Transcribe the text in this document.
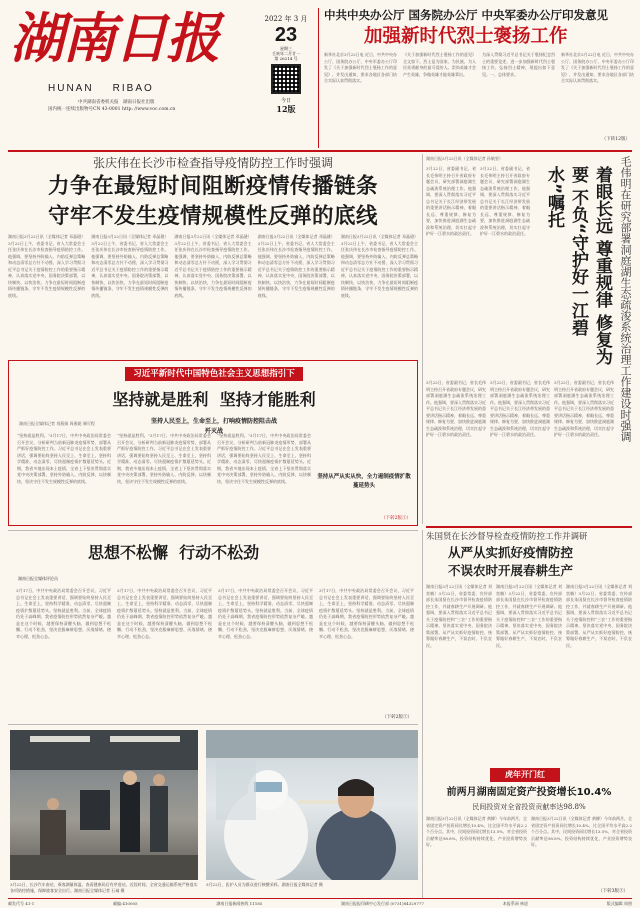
湖南日报
HUNAN    RIBAO
中共湖南省委机关报　湖南日报社出版
国内统一连续出版物号CN 43-0001 http: //www.voc.com.cn
2022 年 3 月
23
星期三
壬寅年二月廿一
第 26214 号
今日
12版
中共中央办公厅 国务院办公厅 中央军委办公厅印发意见
加强新时代烈士褒扬工作
新华社北京3月22日电 近日，中共中央办公厅、国务院办公厅、中央军委办公厅印发了《关于加强新时代烈士褒扬工作的意见》，并发出通知，要求各地区各部门结合实际认真贯彻落实。
《关于加强新时代烈士褒扬工作的意见》全文如下。烈士是为国家、为民族、为人民英勇献身的最可爱的人。崇尚英雄才会产生英雄，争做英雄才能英雄辈出。
为深入贯彻习近平总书记关于褒扬纪念烈士的重要论述，进一步加强新时代烈士褒扬工作，弘扬烈士精神，现提出如下意见。一、总体要求。
新华社北京3月22日电 近日，中共中央办公厅、国务院办公厅、中央军委办公厅印发了《关于加强新时代烈士褒扬工作的意见》，并发出通知，要求各地区各部门结合实际认真贯彻落实。
（下转12版）
张庆伟在长沙市检查指导疫情防控工作时强调
力争在最短时间阻断疫情传播链条
守牢不发生疫情规模性反弹的底线
湖南日报3月22日讯（全媒体记者 邓晶琎）3月22日上午，省委书记、省人大常委会主任张庆伟在长沙市检查指导疫情防控工作。他强调，要坚持外防输入、内防反弹总策略和动态清零总方针不动摇，深入学习贯彻习近平总书记关于疫情防控工作的重要指示精神，认真落实党中央、国务院决策部署，以快制快、以快治快，力争在最短时间阻断疫情传播链条，守牢不发生疫情规模性反弹的底线。
湖南日报3月22日讯（全媒体记者 邓晶琎）3月22日上午，省委书记、省人大常委会主任张庆伟在长沙市检查指导疫情防控工作。他强调，要坚持外防输入、内防反弹总策略和动态清零总方针不动摇，深入学习贯彻习近平总书记关于疫情防控工作的重要指示精神，认真落实党中央、国务院决策部署，以快制快、以快治快，力争在最短时间阻断疫情传播链条，守牢不发生疫情规模性反弹的底线。
湖南日报3月22日讯（全媒体记者 邓晶琎）3月22日上午，省委书记、省人大常委会主任张庆伟在长沙市检查指导疫情防控工作。他强调，要坚持外防输入、内防反弹总策略和动态清零总方针不动摇，深入学习贯彻习近平总书记关于疫情防控工作的重要指示精神，认真落实党中央、国务院决策部署，以快制快、以快治快，力争在最短时间阻断疫情传播链条，守牢不发生疫情规模性反弹的底线。
湖南日报3月22日讯（全媒体记者 邓晶琎）3月22日上午，省委书记、省人大常委会主任张庆伟在长沙市检查指导疫情防控工作。他强调，要坚持外防输入、内防反弹总策略和动态清零总方针不动摇，深入学习贯彻习近平总书记关于疫情防控工作的重要指示精神，认真落实党中央、国务院决策部署，以快制快、以快治快，力争在最短时间阻断疫情传播链条，守牢不发生疫情规模性反弹的底线。
湖南日报3月22日讯（全媒体记者 邓晶琎）3月22日上午，省委书记、省人大常委会主任张庆伟在长沙市检查指导疫情防控工作。他强调，要坚持外防输入、内防反弹总策略和动态清零总方针不动摇，深入学习贯彻习近平总书记关于疫情防控工作的重要指示精神，认真落实党中央、国务院决策部署，以快制快、以快治快，力争在最短时间阻断疫情传播链条，守牢不发生疫情规模性反弹的底线。
湖南日报3月22日讯（全媒体记者 孙敏坚）	毛伟明在研究部署洞庭湖生态疏浚系统治理工作建设时强调
着眼长远 尊重规律 修复为要 不负“守护好一江碧水”嘱托
3月22日，省委副书记、省长毛伟明主持召开省政府专题会议，研究部署洞庭湖生态疏浚系统治理工作。他强调，要深入贯彻落实习近平总书记关于长江经济带发展的重要讲话指示精神，着眼长远、尊重规律、修复为要，加快推进洞庭湖生态疏浚和系统治理，切实扛起守护好一江碧水的政治责任。
3月22日，省委副书记、省长毛伟明主持召开省政府专题会议，研究部署洞庭湖生态疏浚系统治理工作。他强调，要深入贯彻落实习近平总书记关于长江经济带发展的重要讲话指示精神，着眼长远、尊重规律、修复为要，加快推进洞庭湖生态疏浚和系统治理，切实扛起守护好一江碧水的政治责任。
3月22日，省委副书记、省长毛伟明主持召开省政府专题会议，研究部署洞庭湖生态疏浚系统治理工作。他强调，要深入贯彻落实习近平总书记关于长江经济带发展的重要讲话指示精神，着眼长远、尊重规律、修复为要，加快推进洞庭湖生态疏浚和系统治理，切实扛起守护好一江碧水的政治责任。
3月22日，省委副书记、省长毛伟明主持召开省政府专题会议，研究部署洞庭湖生态疏浚系统治理工作。他强调，要深入贯彻落实习近平总书记关于长江经济带发展的重要讲话指示精神，着眼长远、尊重规律、修复为要，加快推进洞庭湖生态疏浚和系统治理，切实扛起守护好一江碧水的政治责任。
3月22日，省委副书记、省长毛伟明主持召开省政府专题会议，研究部署洞庭湖生态疏浚系统治理工作。他强调，要深入贯彻落实习近平总书记关于长江经济带发展的重要讲话指示精神，着眼长远、尊重规律、修复为要，加快推进洞庭湖生态疏浚和系统治理，切实扛起守护好一江碧水的政治责任。
习近平新时代中国特色社会主义思想指引下
坚持就是胜利  坚持才能胜利
湖南日报全媒体记者 刘燕娟 周燕妮 谢可程	坚持人民至上，生命至上，打响疫情防控阻击战歼灭战
“坚持就是胜利。”3月17日，中共中央政治局常委会召开会议，分析研判当前新冠肺炎疫情形势，部署从严抓好疫情防控工作。习近平总书记在会上发表重要讲话，强调要始终坚持人民至上、生命至上，坚持科学精准、动态清零，尽快遏制疫情扩散蔓延势头。近期，我省多地出现本土疫情，全省上下坚决贯彻落实党中央决策部署，坚持外防输入、内防反弹，以快制快，坚决守住不发生规模性反弹的底线。
“坚持就是胜利。”3月17日，中共中央政治局常委会召开会议，分析研判当前新冠肺炎疫情形势，部署从严抓好疫情防控工作。习近平总书记在会上发表重要讲话，强调要始终坚持人民至上、生命至上，坚持科学精准、动态清零，尽快遏制疫情扩散蔓延势头。近期，我省多地出现本土疫情，全省上下坚决贯彻落实党中央决策部署，坚持外防输入、内防反弹，以快制快，坚决守住不发生规模性反弹的底线。
“坚持就是胜利。”3月17日，中共中央政治局常委会召开会议，分析研判当前新冠肺炎疫情形势，部署从严抓好疫情防控工作。习近平总书记在会上发表重要讲话，强调要始终坚持人民至上、生命至上，坚持科学精准、动态清零，尽快遏制疫情扩散蔓延势头。近期，我省多地出现本土疫情，全省上下坚决贯彻落实党中央决策部署，坚持外防输入、内防反弹，以快制快，坚决守住不发生规模性反弹的底线。
坚持从严从实从快，全力遏制疫情扩散蔓延势头
（下转2版①）
思想不松懈  行动不松劲
湖南日报全媒体评论员
3月17日，中共中央政治局常委会召开会议，习近平总书记在会上发表重要讲话，强调要始终坚持人民至上、生命至上，坚持科学精准、动态清零，尽快遏制疫情扩散蔓延势头。坚持就是胜利。当前，全球疫情仍处于高峰期，我省疫情防控形势依然复杂严峻。越是在这个时候，越要保持清醒头脑，做到思想不松懈、行动不松劲，坚决克服麻痹思想、厌战情绪、侥幸心理、松劲心态。
3月17日，中共中央政治局常委会召开会议，习近平总书记在会上发表重要讲话，强调要始终坚持人民至上、生命至上，坚持科学精准、动态清零，尽快遏制疫情扩散蔓延势头。坚持就是胜利。当前，全球疫情仍处于高峰期，我省疫情防控形势依然复杂严峻。越是在这个时候，越要保持清醒头脑，做到思想不松懈、行动不松劲，坚决克服麻痹思想、厌战情绪、侥幸心理、松劲心态。
3月17日，中共中央政治局常委会召开会议，习近平总书记在会上发表重要讲话，强调要始终坚持人民至上、生命至上，坚持科学精准、动态清零，尽快遏制疫情扩散蔓延势头。坚持就是胜利。当前，全球疫情仍处于高峰期，我省疫情防控形势依然复杂严峻。越是在这个时候，越要保持清醒头脑，做到思想不松懈、行动不松劲，坚决克服麻痹思想、厌战情绪、侥幸心理、松劲心态。
3月17日，中共中央政治局常委会召开会议，习近平总书记在会上发表重要讲话，强调要始终坚持人民至上、生命至上，坚持科学精准、动态清零，尽快遏制疫情扩散蔓延势头。坚持就是胜利。当前，全球疫情仍处于高峰期，我省疫情防控形势依然复杂严峻。越是在这个时候，越要保持清醒头脑，做到思想不松懈、行动不松劲，坚决克服麻痹思想、厌战情绪、侥幸心理、松劲心态。
（下转2版②）
3月22日，长沙汽车南站，乘客测量体温、查看健康码后有序进站。近段时间，全省交通运输系统严格落实各项防控措施，保障旅客安全出行。湖南日报全媒体记者 石诚 摄
3月22日，医护人员为群众进行核酸采样。湖南日报全媒体记者 摄
朱国贤在长沙督导检查疫情防控工作并调研
从严从实抓好疫情防控
不误农时开展春耕生产
湖南日报3月22日讯（全媒体记者 刘奕楠）3月22日，省委常委、宣传部部长朱国贤在长沙市督导检查疫情防控工作，并就春耕生产开展调研。他强调，要深入贯彻落实习近平总书记关于疫情防控和“三农”工作的重要指示精神，坚决落实党中央、国务院决策部署，从严从实抓好疫情防控，统筹做好春耕生产，不误农时、不负农民。
湖南日报3月22日讯（全媒体记者 刘奕楠）3月22日，省委常委、宣传部部长朱国贤在长沙市督导检查疫情防控工作，并就春耕生产开展调研。他强调，要深入贯彻落实习近平总书记关于疫情防控和“三农”工作的重要指示精神，坚决落实党中央、国务院决策部署，从严从实抓好疫情防控，统筹做好春耕生产，不误农时、不负农民。
湖南日报3月22日讯（全媒体记者 刘奕楠）3月22日，省委常委、宣传部部长朱国贤在长沙市督导检查疫情防控工作，并就春耕生产开展调研。他强调，要深入贯彻落实习近平总书记关于疫情防控和“三农”工作的重要指示精神，坚决落实党中央、国务院决策部署，从严从实抓好疫情防控，统筹做好春耕生产，不误农时、不负农民。
虎年开门红
前两月湖南固定资产投资增长10.4%
民间投资对全省投资贡献率达98.8%
湖南日报3月22日讯（全媒体记者 黄柳）今年前两月，全省固定资产投资同比增长10.4%，比全国平均水平高2.2个百分点。其中，民间投资同比增长13.5%，对全省投资贡献率达98.8%，投资结构持续优化，产业投资增势良好。
湖南日报3月22日讯（全媒体记者 黄柳）今年前两月，全省固定资产投资同比增长10.4%，比全国平均水平高2.2个百分点。其中，民间投资同比增长13.5%，对全省投资贡献率达98.8%，投资结构持续优化，产业投资增势良好。
（下转3版③）
邮发代号 41-1	邮编:410005	湖南日报新闻热线 11185	湖南日报报印刷中心发行部 (0731)84329777	本报系网 林迎	版式编辑 周照
